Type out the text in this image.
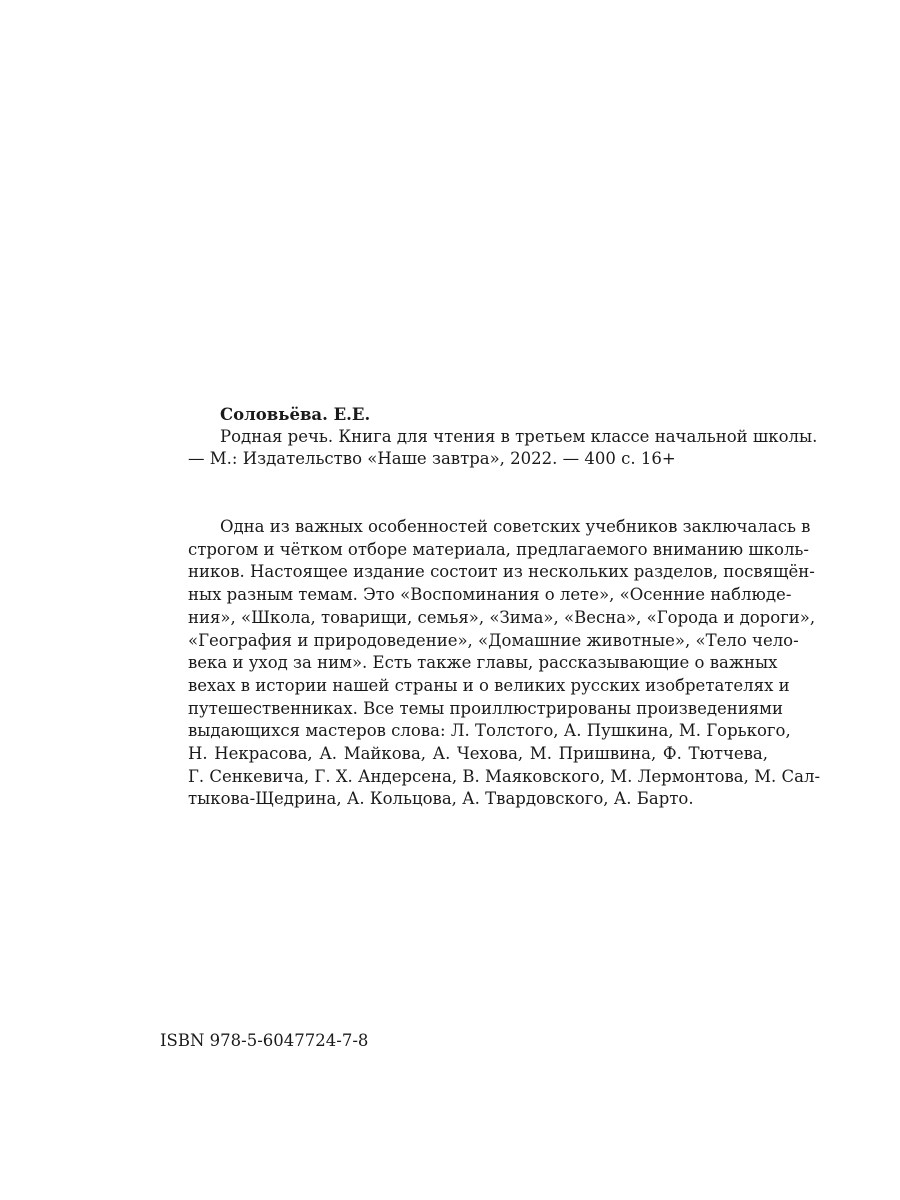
Соловьёва. Е.Е.
Родная речь. Книга для чтения в третьем классе начальной школы.
— М.: Издательство «Наше завтра», 2022. — 400 с. 16+
Одна из важных особенностей советских учебников заключалась в
строгом и чётком отборе материала, предлагаемого вниманию школь-
ников. Настоящее издание состоит из нескольких разделов, посвящён-
ных разным темам. Это «Воспоминания о лете», «Осенние наблюде-
ния», «Школа, товарищи, семья», «Зима», «Весна», «Города и дороги»,
«География и природоведение», «Домашние животные», «Тело чело-
века и уход за ним». Есть также главы, рассказывающие о важных
вехах в истории нашей страны и о великих русских изобретателях и
путешественниках. Все темы проиллюстрированы произведениями
выдающихся мастеров слова: Л. Толстого, А. Пушкина, М. Горького,
Н. Некрасова, А. Майкова, А. Чехова, М. Пришвина, Ф. Тютчева,
Г. Сенкевича, Г. Х. Андерсена, В. Маяковского, М. Лермонтова, М. Сал-
тыкова-Щедрина, А. Кольцова, А. Твардовского, А. Барто.
ISBN 978-5-6047724-7-8
